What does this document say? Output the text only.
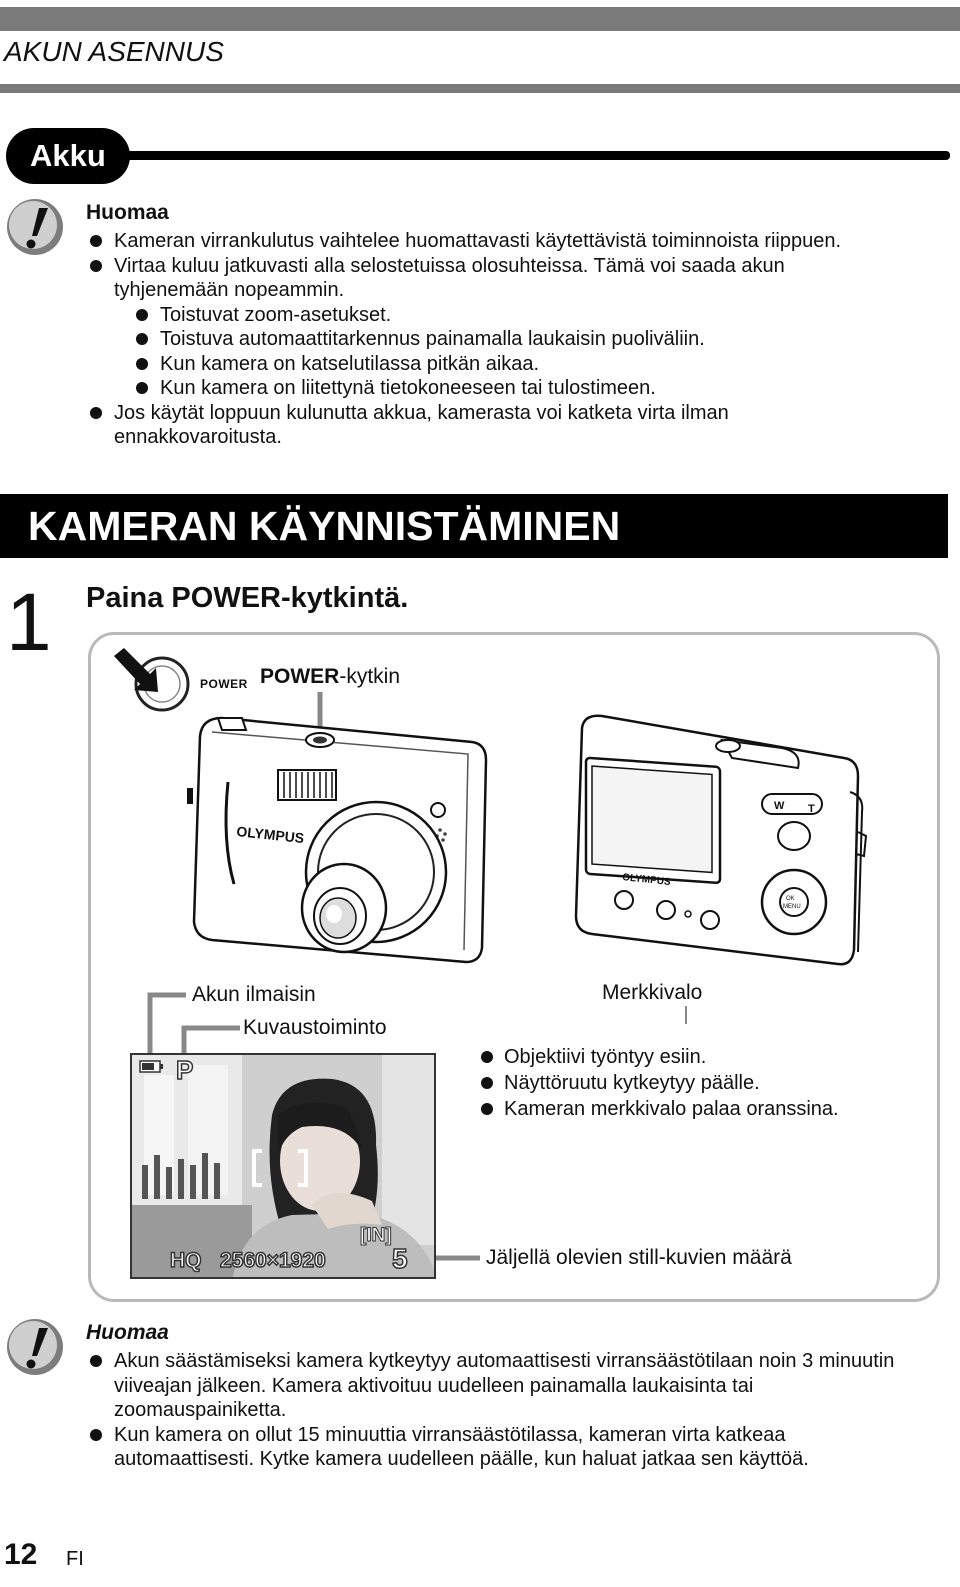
AKUN ASENNUS
Akku
Huomaa
Kameran virrankulutus vaihtelee huomattavasti käytettävistä toiminnoista riippuen.
Virtaa kuluu jatkuvasti alla selostetuissa olosuhteissa. Tämä voi saada akun tyhjenemään nopeammin.
Toistuvat zoom-asetukset.
Toistuva automaattitarkennus painamalla laukaisin puoliväliin.
Kun kamera on katselutilassa pitkän aikaa.
Kun kamera on liitettynä tietokoneeseen tai tulostimeen.
Jos käytät loppuun kulunutta akkua, kamerasta voi katketa virta ilman ennakkovaroitusta.
KAMERAN KÄYNNISTÄMINEN
1 Paina POWER-kytkintä.
POWER POWER-kytkin
OLYMPUS
OLYMPUS
W T
OK
MENU
Akun ilmaisin
Kuvaustoiminto
Merkkivalo
Objektiivi työntyy esiin.
Näyttöruutu kytkeytyy päälle.
Kameran merkkivalo palaa oranssina.
Jäljellä olevien still-kuvien määrä
P
[IN]
5
HQ 2560×1920
Huomaa
Akun säästämiseksi kamera kytkeytyy automaattisesti virransäästötilaan noin 3 minuutin viiveajan jälkeen. Kamera aktivoituu uudelleen painamalla laukaisinta tai zoomauspainiketta.
Kun kamera on ollut 15 minuuttia virransäästötilassa, kameran virta katkeaa automaattisesti. Kytke kamera uudelleen päälle, kun haluat jatkaa sen käyttöä.
12 FI
